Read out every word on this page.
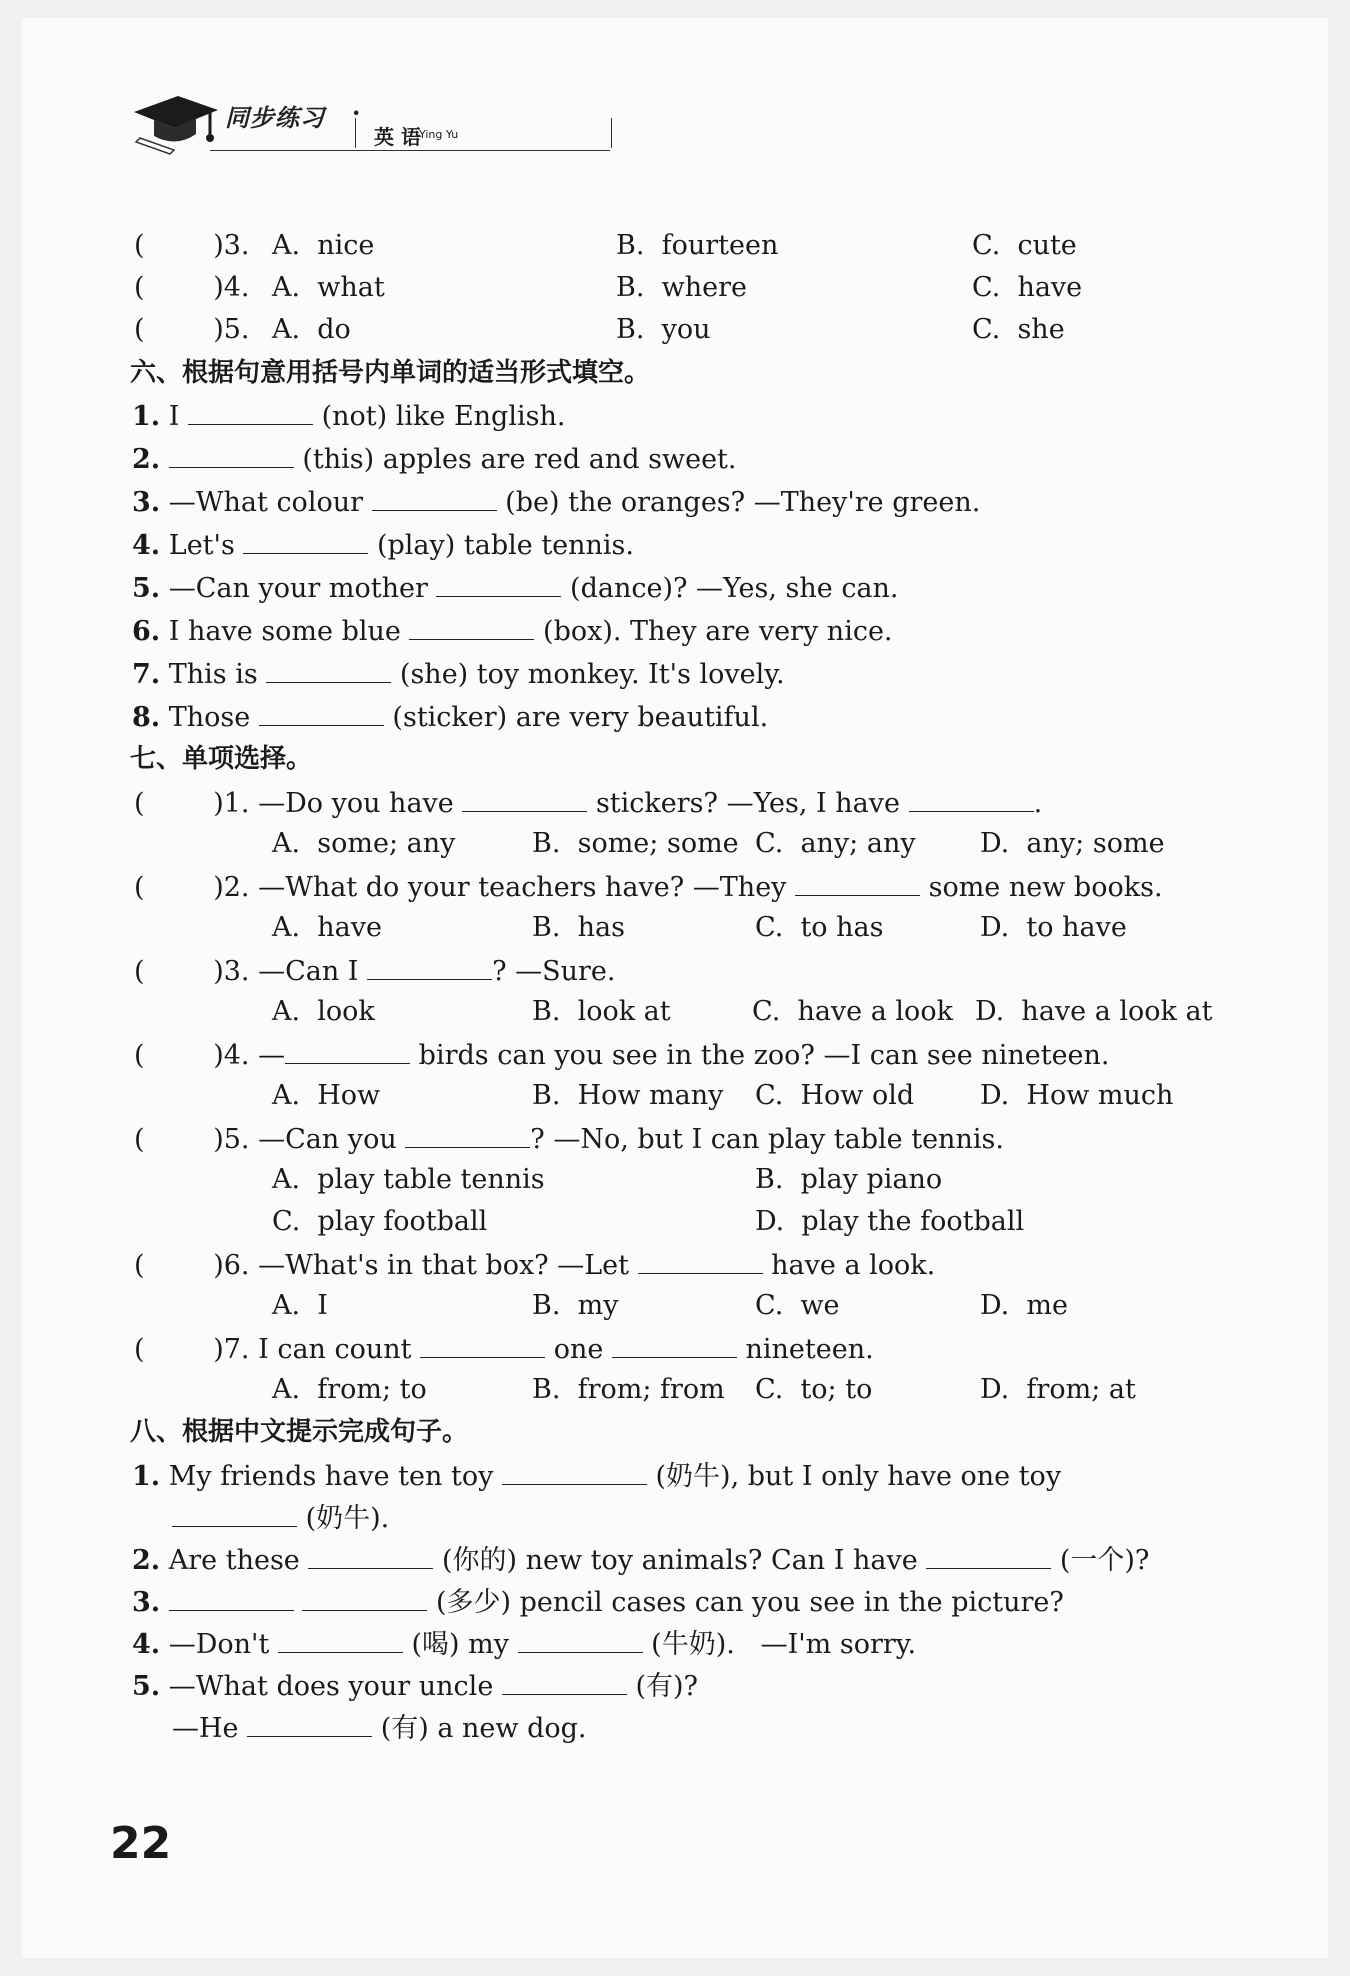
同步练习 ·
英 语
Ying Yu
(        )3. A.  nice	B.  fourteen	C.  cute
(        )4. A.  what	B.  where	C.  have
(        )5. A.  do	B.  you	C.  she
六、根据句意用括号内单词的适当形式填空。
1. I	(not) like English.
2.	(this) apples are red and sweet.
3. —What colour	(be) the oranges? —They're green.
4. Let's	(play) table tennis.
5. —Can your mother	(dance)? —Yes, she can.
6. I have some blue	(box). They are very nice.
7. This is	(she) toy monkey. It's lovely.
8. Those	(sticker) are very beautiful.
七、单项选择。
(        )1. —Do you have	stickers? —Yes, I have	.
A.  some; any	B.  some; some C.  any; any D.  any; some
(        )2. —What do your teachers have? —They	some new books.
A.  have	B.  has	C.  to has	D.  to have
(        )3. —Can I	? —Sure.
A.  look	B.  look at	C.  have a look D.  have a look at
(        )4. —	birds can you see in the zoo? —I can see nineteen.
A.  How	B.  How many C.  How old D.  How much
(        )5. —Can you	? —No, but I can play table tennis.
A.  play table tennis	B.  play piano
C.  play football	D.  play the football
(        )6. —What's in that box? —Let	have a look.
A.  I	B.  my	C.  we	D.  me
(        )7. I can count	one	nineteen.
A.  from; to	B.  from; from C.  to; to	D.  from; at
八、根据中文提示完成句子。
1. My friends have ten toy	(奶牛), but I only have one toy
(奶牛).
2. Are these	(你的) new toy animals? Can I have	(一个)?
3.	(多少) pencil cases can you see in the picture?
4. —Don't	(喝) my	(牛奶).   —I'm sorry.
5. —What does your uncle	(有)?
—He	(有) a new dog.
22
